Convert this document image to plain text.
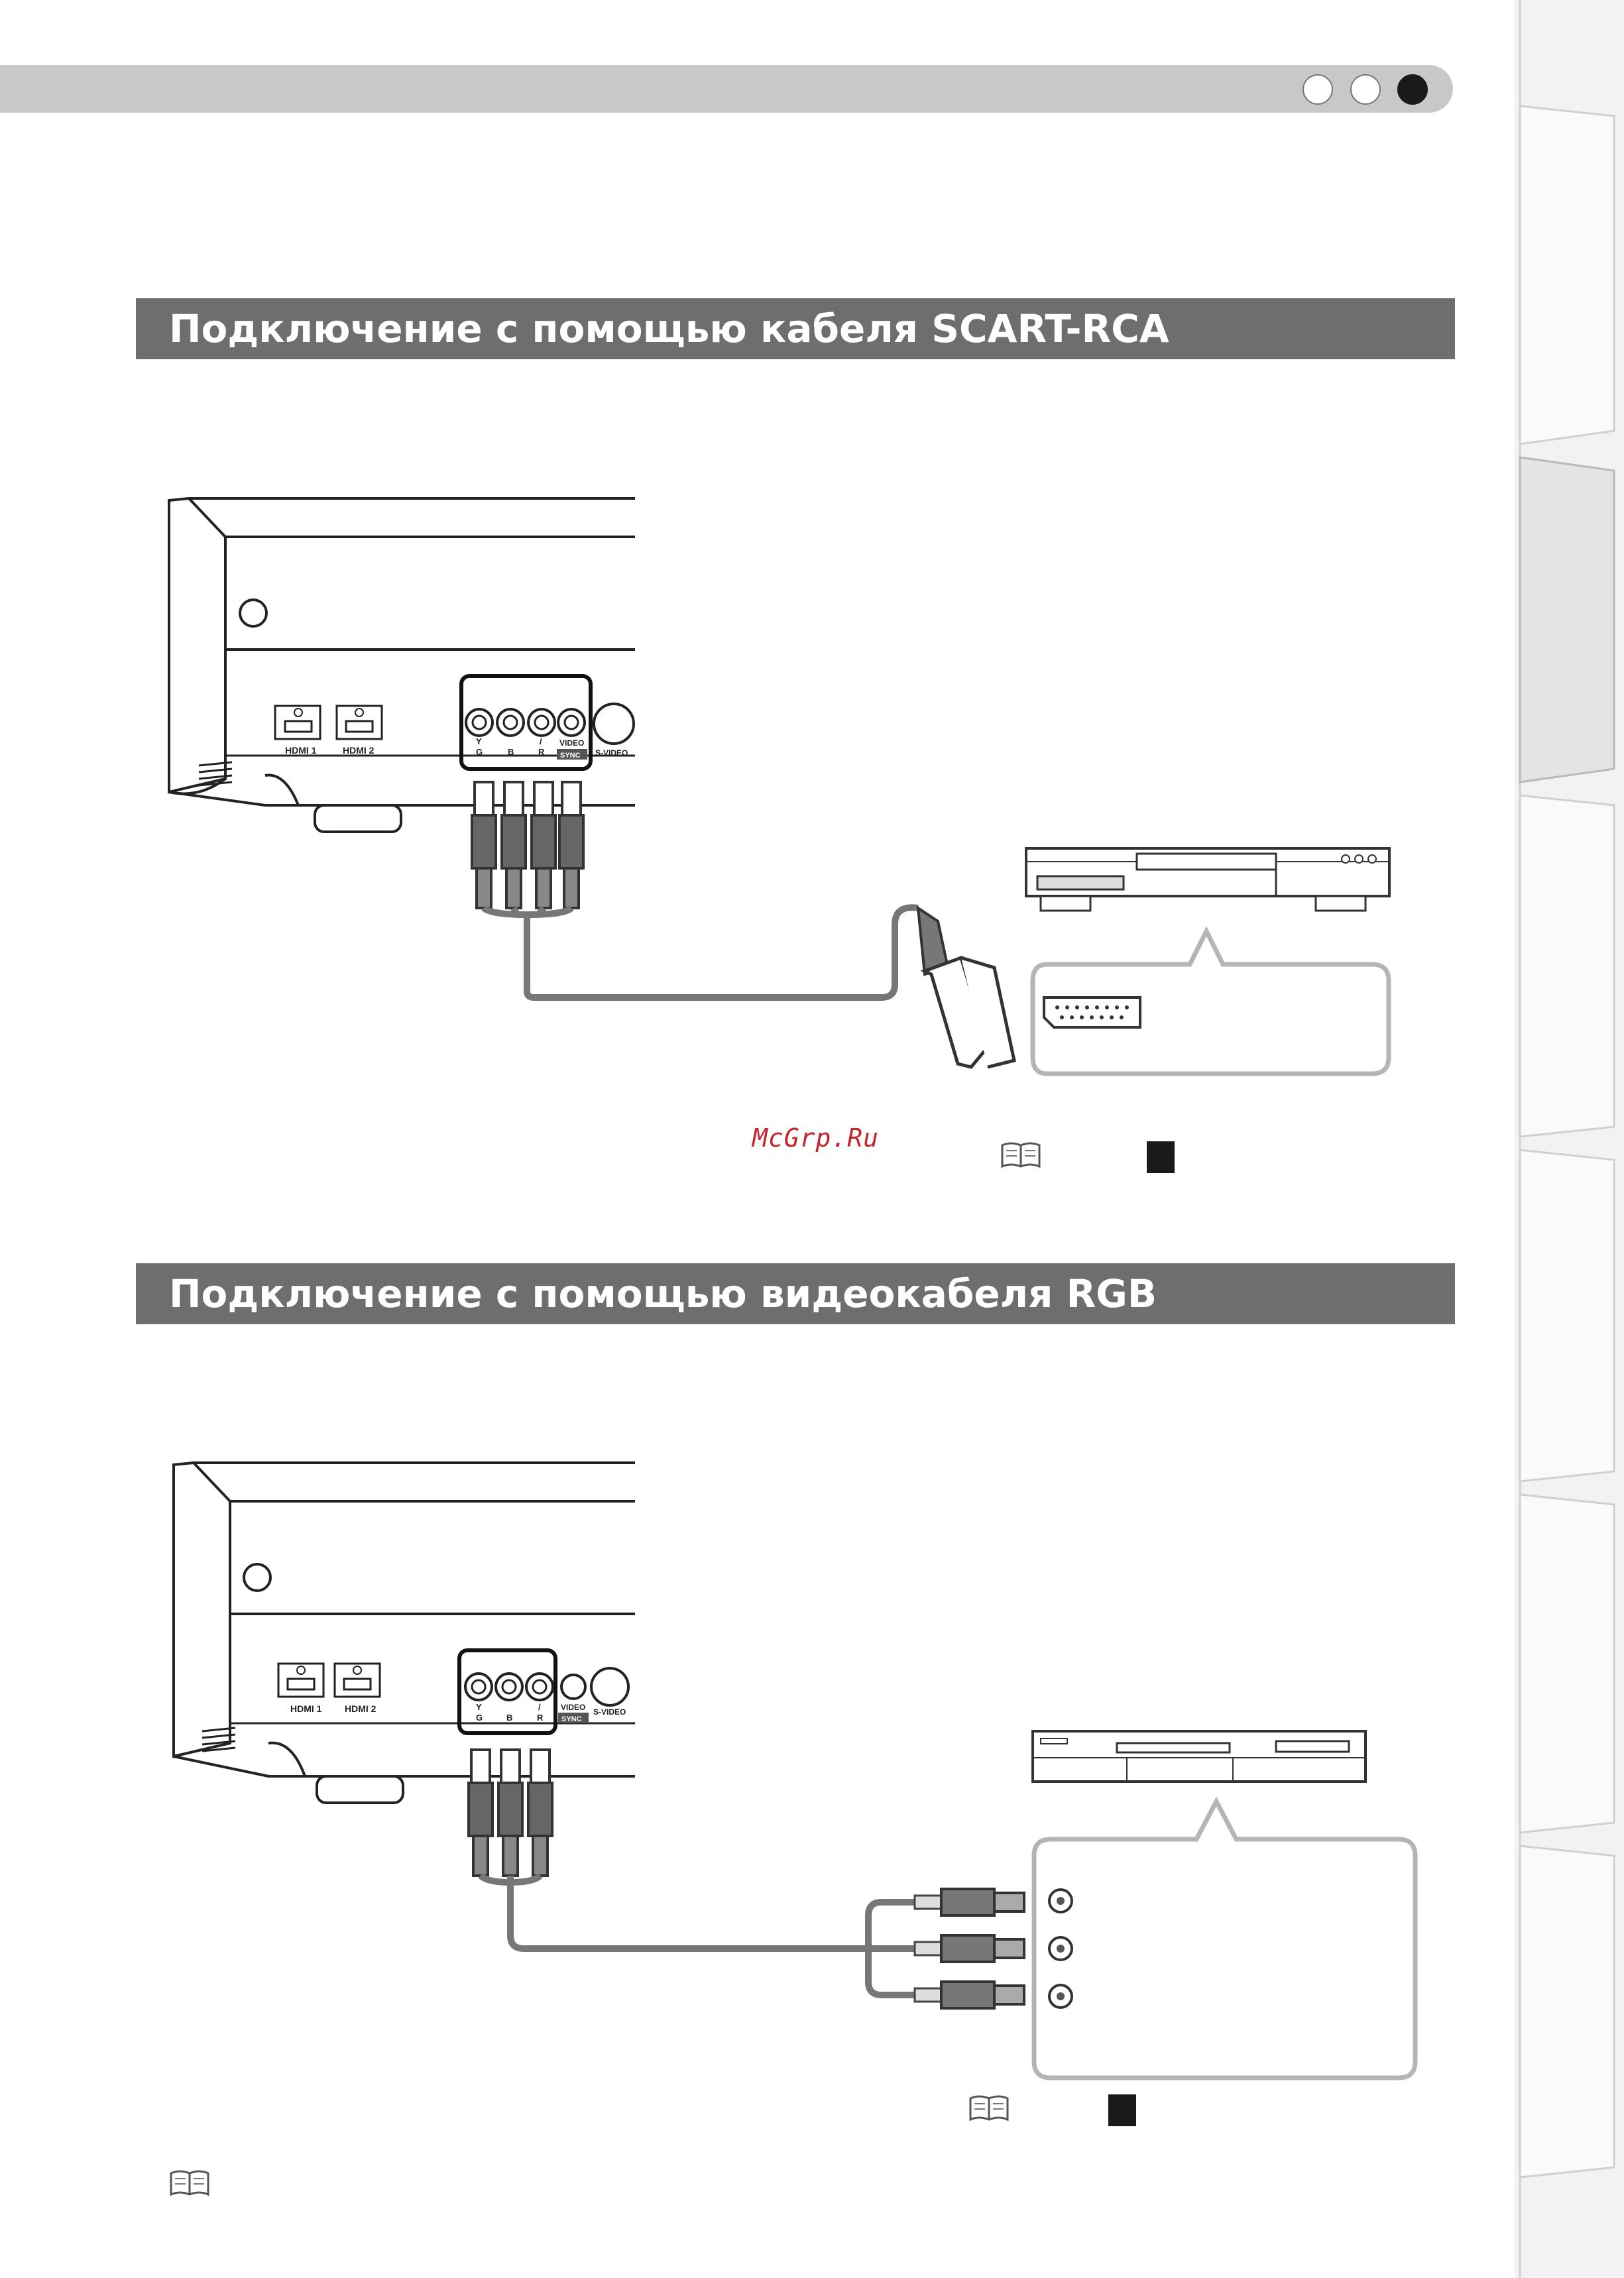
Подключение с помощью кабеля SCART-RCA
Подключение с помощью видеокабеля RGB
HDMI 1	HDMI 2
Y
G	B
/
R
VIDEO
SYNC S-VIDEO
HDMI 1 HDMI 2	Y
G	B
/
R
VIDEO
SYNC
S-VIDEO
McGrp.Ru
